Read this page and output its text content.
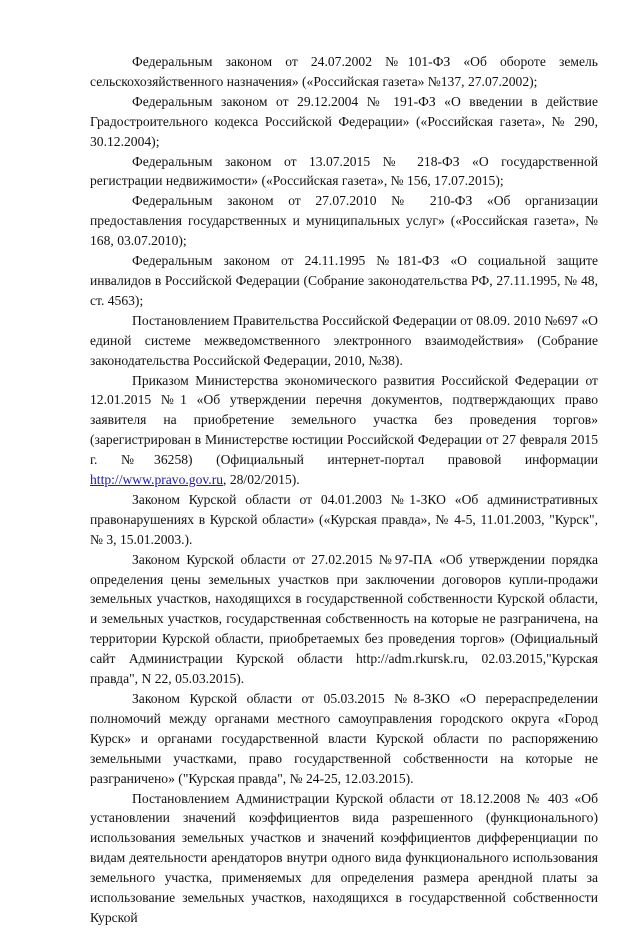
Федеральным законом от 24.07.2002 №101-ФЗ «Об обороте земель сельскохозяйственного назначения» («Российская газета» №137, 27.07.2002);

Федеральным законом от 29.12.2004 № 191-ФЗ «О введении в действие Градостроительного кодекса Российской Федерации» («Российская газета», № 290, 30.12.2004);

Федеральным законом от 13.07.2015 № 218-ФЗ «О государственной регистрации недвижимости» («Российская газета», № 156, 17.07.2015);

Федеральным законом от 27.07.2010 № 210-ФЗ «Об организации предоставления государственных и муниципальных услуг» («Российская газета», № 168, 03.07.2010);

Федеральным законом от 24.11.1995 №181-ФЗ «О социальной защите инвалидов в Российской Федерации (Собрание законодательства РФ, 27.11.1995, № 48, ст. 4563);

Постановлением Правительства Российской Федерации от 08.09. 2010 №697 «О единой системе межведомственного электронного взаимодействия» (Собрание законодательства Российской Федерации, 2010, №38).

Приказом Министерства экономического развития Российской Федерации от 12.01.2015 №1 «Об утверждении перечня документов, подтверждающих право заявителя на приобретение земельного участка без проведения торгов» (зарегистрирован в Министерстве юстиции Российской Федерации от 27 февраля 2015 г. №36258) (Официальный интернет-портал правовой информации http://www.pravo.gov.ru, 28/02/2015).

Законом Курской области от 04.01.2003 №1-ЗКО «Об административных правонарушениях в Курской области» («Курская правда», № 4-5, 11.01.2003, "Курск", № 3, 15.01.2003.).

Законом Курской области от 27.02.2015 №97-ПА «Об утверждении порядка определения цены земельных участков при заключении договоров купли-продажи земельных участков, находящихся в государственной собственности Курской области, и земельных участков, государственная собственность на которые не разграничена, на территории Курской области, приобретаемых без проведения торгов» (Официальный сайт Администрации Курской области http://adm.rkursk.ru, 02.03.2015,"Курская правда", N 22, 05.03.2015).

Законом Курской области от 05.03.2015 №8-ЗКО «О перераспределении полномочий между органами местного самоуправления городского округа «Город Курск» и органами государственной власти Курской области по распоряжению земельными участками, право государственной собственности на которые не разграничено» ("Курская правда", № 24-25, 12.03.2015).

Постановлением Администрации Курской области от 18.12.2008 № 403 «Об установлении значений коэффициентов вида разрешенного (функционального) использования земельных участков и значений коэффициентов дифференциации по видам деятельности арендаторов внутри одного вида функционального использования земельного участка, применяемых для определения размера арендной платы за использование земельных участков, находящихся в государственной собственности Курской
